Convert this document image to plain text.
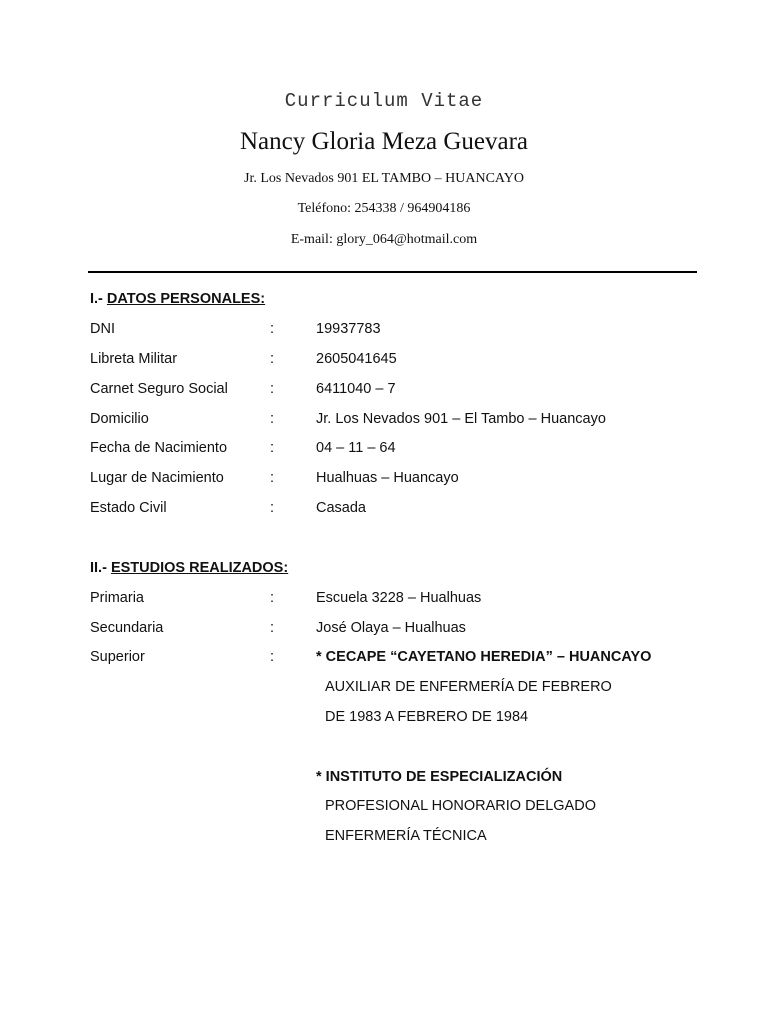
Curriculum Vitae
Nancy Gloria Meza Guevara
Jr. Los Nevados 901 EL TAMBO – HUANCAYO
Teléfono: 254338 / 964904186
E-mail: glory_064@hotmail.com
I.- DATOS PERSONALES:
DNI	:	19937783
Libreta Militar	:	2605041645
Carnet Seguro Social	:	6411040 – 7
Domicilio	:	Jr. Los Nevados 901 – El Tambo – Huancayo
Fecha de Nacimiento	:	04 – 11 – 64
Lugar de Nacimiento	:	Hualhuas – Huancayo
Estado Civil	:	Casada
II.- ESTUDIOS REALIZADOS:
Primaria	:	Escuela 3228 – Hualhuas
Secundaria	:	José Olaya – Hualhuas
Superior	:	* CECAPE “CAYETANO HEREDIA” – HUANCAYO
AUXILIAR DE ENFERMERÍA DE FEBRERO
DE 1983 A FEBRERO DE 1984
* INSTITUTO DE ESPECIALIZACIÓN
PROFESIONAL HONORARIO DELGADO
ENFERMERÍA TÉCNICA
